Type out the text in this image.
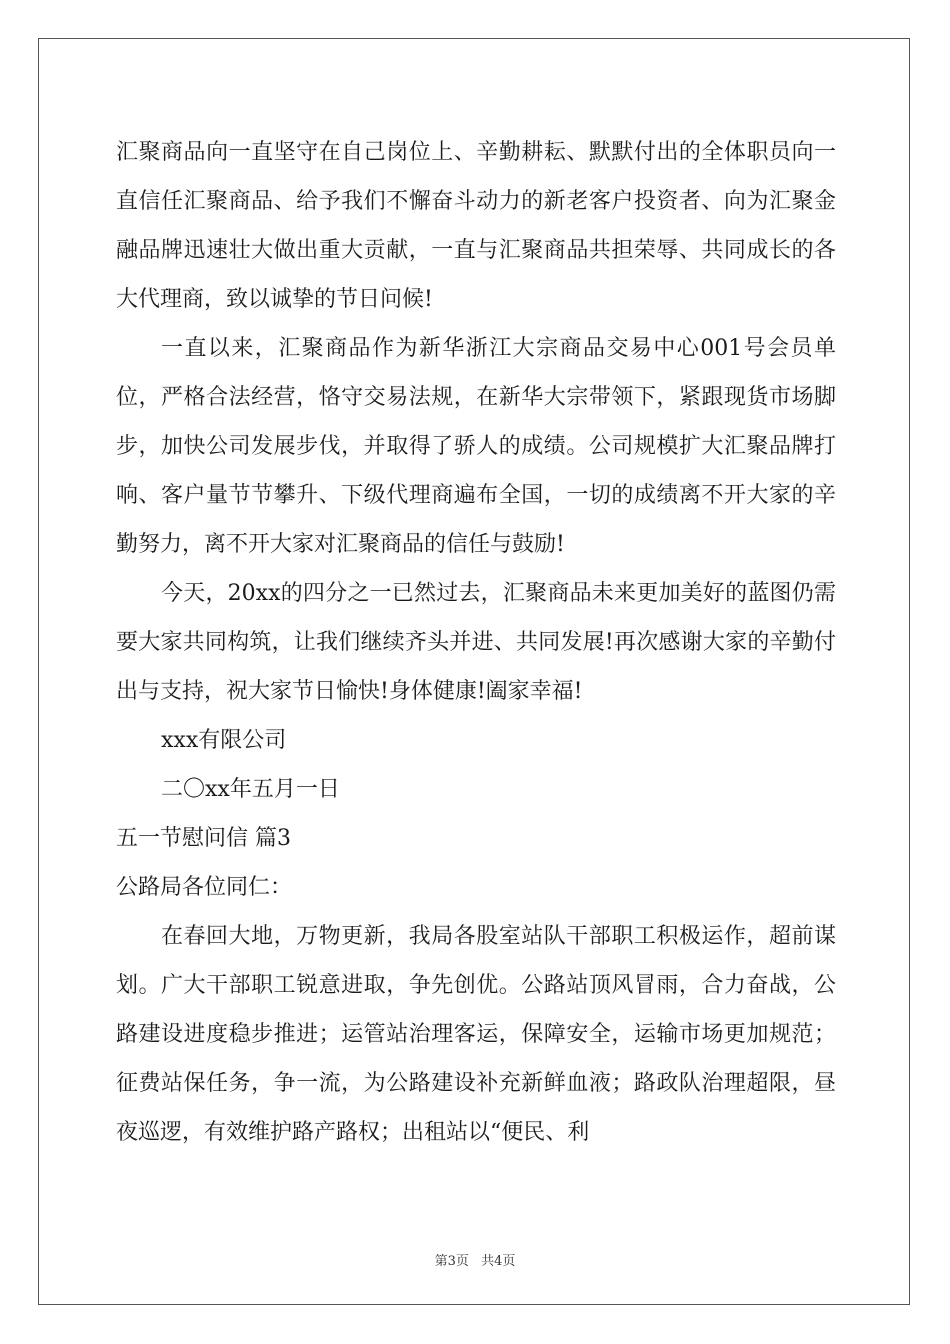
汇聚商品向一直坚守在自己岗位上、辛勤耕耘、默默付出的全体职员向一直信任汇聚商品、给予我们不懈奋斗动力的新老客户投资者、向为汇聚金融品牌迅速壮大做出重大贡献，一直与汇聚商品共担荣辱、共同成长的各大代理商，致以诚挚的节日问候!

一直以来，汇聚商品作为新华浙江大宗商品交易中心001号会员单位，严格合法经营，恪守交易法规，在新华大宗带领下，紧跟现货市场脚步，加快公司发展步伐，并取得了骄人的成绩。公司规模扩大汇聚品牌打响、客户量节节攀升、下级代理商遍布全国，一切的成绩离不开大家的辛勤努力，离不开大家对汇聚商品的信任与鼓励!

今天，20xx的四分之一已然过去，汇聚商品未来更加美好的蓝图仍需要大家共同构筑，让我们继续齐头并进、共同发展!再次感谢大家的辛勤付出与支持，祝大家节日愉快!身体健康!阖家幸福!

xxx有限公司

二〇xx年五月一日

五一节慰问信 篇3

公路局各位同仁：

在春回大地，万物更新，我局各股室站队干部职工积极运作，超前谋划。广大干部职工锐意进取，争先创优。公路站顶风冒雨，合力奋战，公路建设进度稳步推进；运管站治理客运，保障安全，运输市场更加规范；征费站保任务，争一流，为公路建设补充新鲜血液；路政队治理超限，昼夜巡逻，有效维护路产路权；出租站以“便民、利

第3页 共4页
